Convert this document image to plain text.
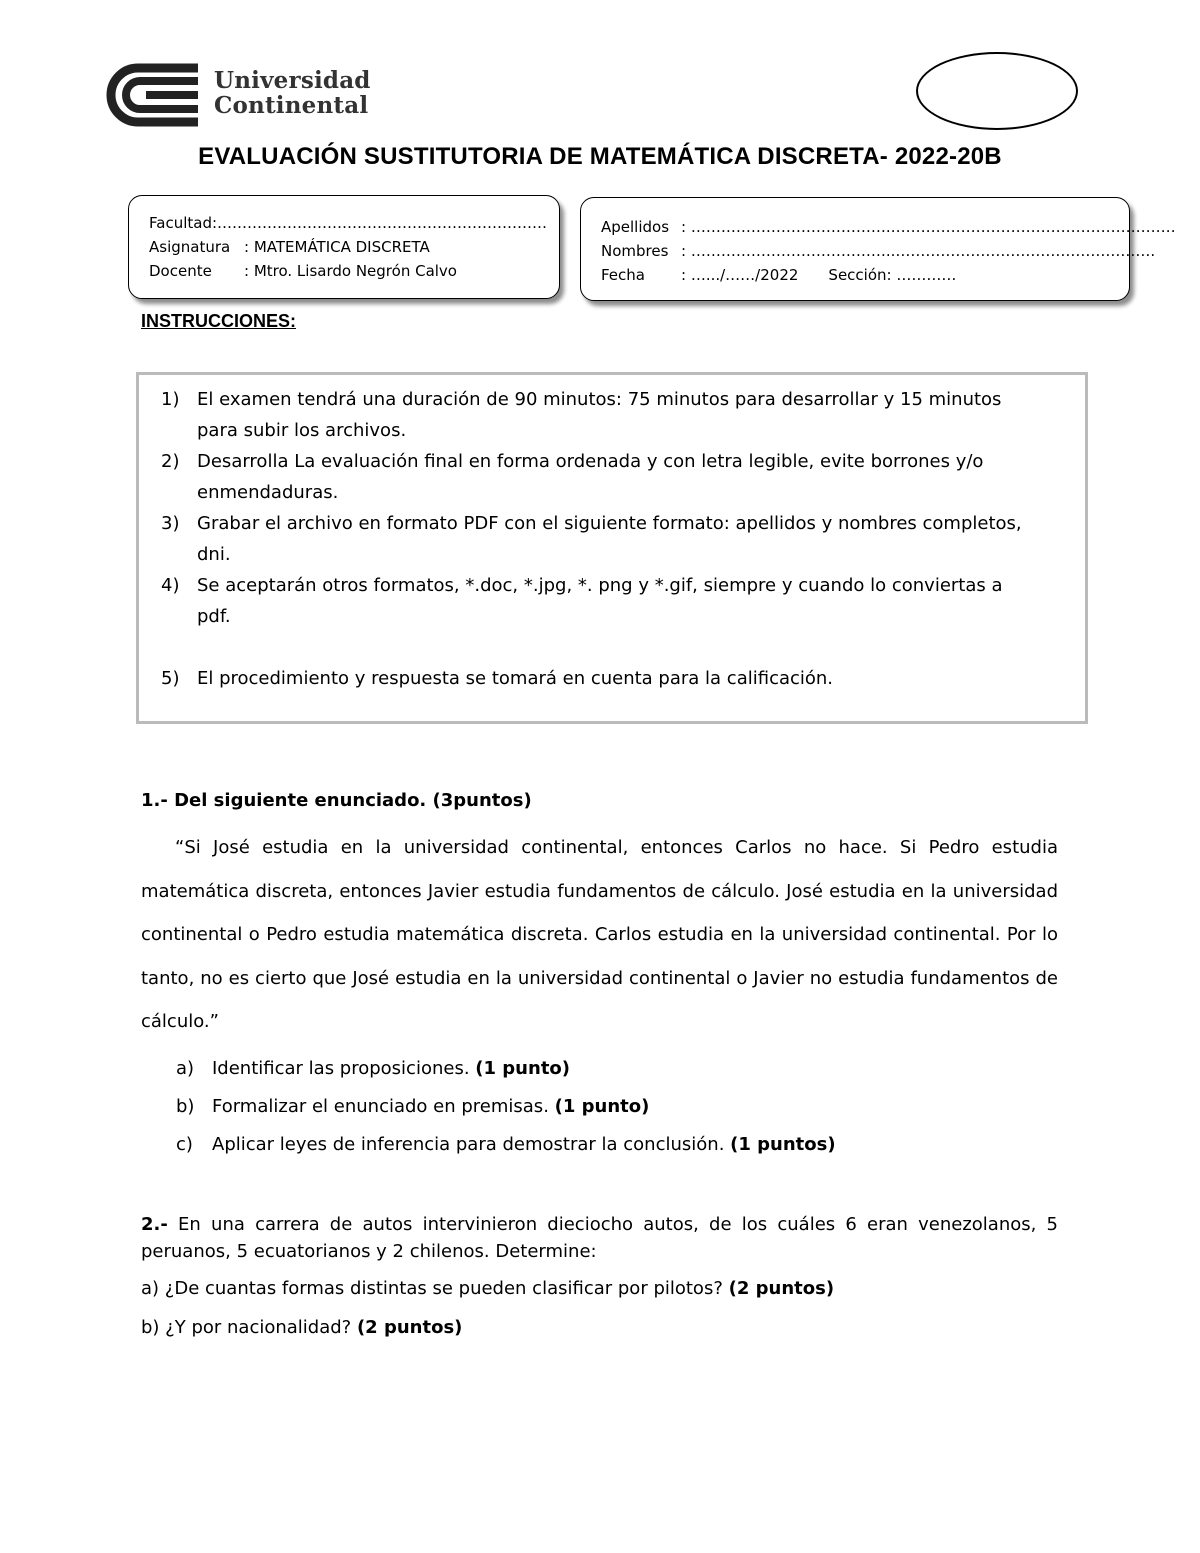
Universidad
Continental
EVALUACIÓN SUSTITUTORIA DE MATEMÁTICA DISCRETA- 2022-20B
Facultad:…………………………………………………………
Asignatura : MATEMÁTICA DISCRETA
Docente : Mtro. Lisardo Negrón Calvo
Apellidos : ………………………………….…………………………………………………
Nombres : …………………………………..…………………………………………….
Fecha : ….../……/2022 Sección: …………
INSTRUCCIONES:
1) El examen tendrá una duración de 90 minutos: 75 minutos para desarrollar y 15 minutos
para subir los archivos.
2) Desarrolla La evaluación final en forma ordenada y con letra legible, evite borrones y/o
enmendaduras.
3) Grabar el archivo en formato PDF con el siguiente formato: apellidos y nombres completos,
dni.
4) Se aceptarán otros formatos, *.doc, *.jpg, *. png y *.gif, siempre y cuando lo conviertas a
pdf.
5) El procedimiento y respuesta se tomará en cuenta para la calificación.
1.- Del siguiente enunciado. (3puntos)
“Si José estudia en la universidad continental, entonces Carlos no hace. Si Pedro estudia matemática discreta, entonces Javier estudia fundamentos de cálculo. José estudia en la universidad continental o Pedro estudia matemática discreta. Carlos estudia en la universidad continental. Por lo tanto, no es cierto que José estudia en la universidad continental o Javier no estudia fundamentos de cálculo.”
a) Identificar las proposiciones. (1 punto)
b) Formalizar el enunciado en premisas. (1 punto)
c) Aplicar leyes de inferencia para demostrar la conclusión. (1 puntos)
2.- En una carrera de autos intervinieron dieciocho autos, de los cuáles 6 eran venezolanos, 5
peruanos, 5 ecuatorianos y 2 chilenos. Determine:
a) ¿De cuantas formas distintas se pueden clasificar por pilotos? (2 puntos)
b) ¿Y por nacionalidad? (2 puntos)
